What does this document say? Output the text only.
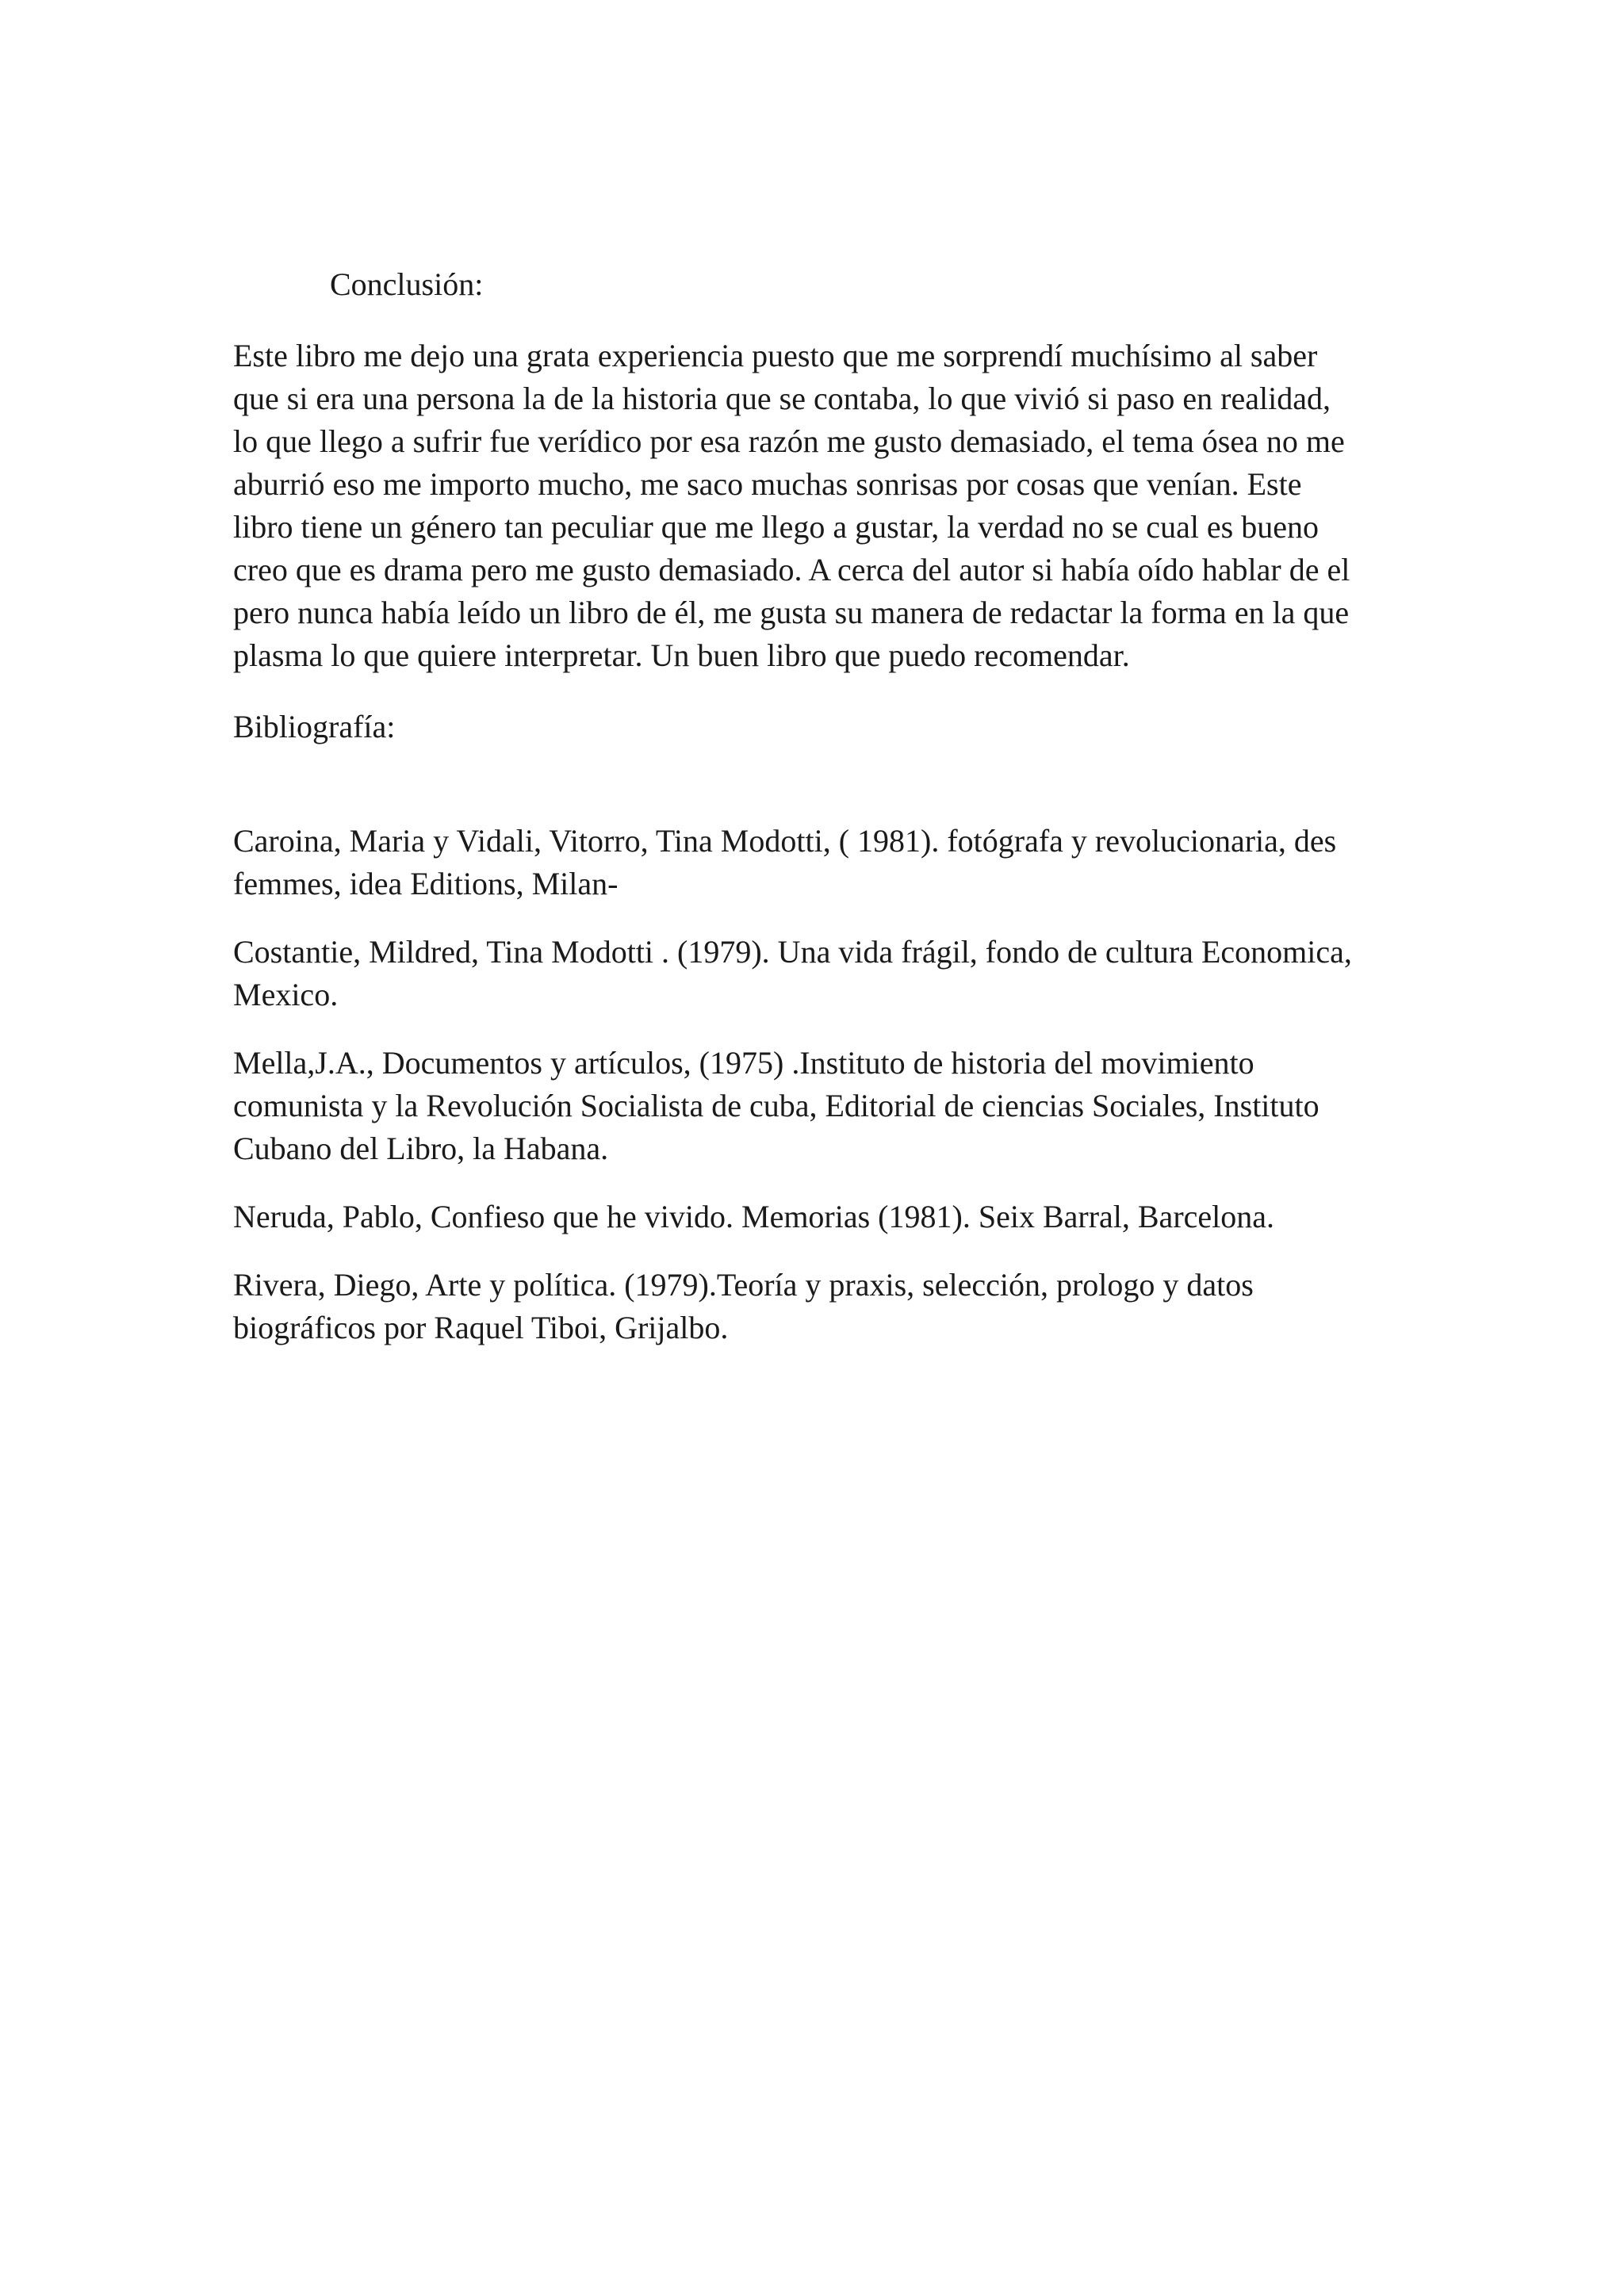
Conclusión:

Este libro me dejo una grata experiencia puesto que me sorprendí muchísimo al saber
que si era una persona la de la historia que se contaba, lo que vivió si paso en realidad,
lo que llego a sufrir fue verídico por esa razón me gusto demasiado, el tema ósea no me
aburrió eso me importo mucho, me saco muchas sonrisas por cosas que venían. Este
libro tiene un género tan peculiar que me llego a gustar, la verdad no se cual es bueno
creo que es drama pero me gusto demasiado. A cerca del autor si había oído hablar de el
pero nunca había leído un libro de él, me gusta su manera de redactar la forma en la que
plasma lo que quiere interpretar. Un buen libro que puedo recomendar.

Bibliografía:
Caroina, Maria y Vidali, Vitorro, Tina Modotti, ( 1981). fotógrafa y revolucionaria, des
femmes, idea Editions, Milan-
Costantie, Mildred, Tina Modotti . (1979). Una vida frágil, fondo de cultura Economica,
Mexico.
Mella,J.A., Documentos y artículos, (1975) .Instituto de historia del movimiento
comunista y la Revolución Socialista de cuba, Editorial de ciencias Sociales, Instituto
Cubano del Libro, la Habana.
Neruda, Pablo, Confieso que he vivido. Memorias (1981). Seix Barral, Barcelona.
Rivera, Diego, Arte y política. (1979).Teoría y praxis, selección, prologo y datos
biográficos por Raquel Tiboi, Grijalbo.
